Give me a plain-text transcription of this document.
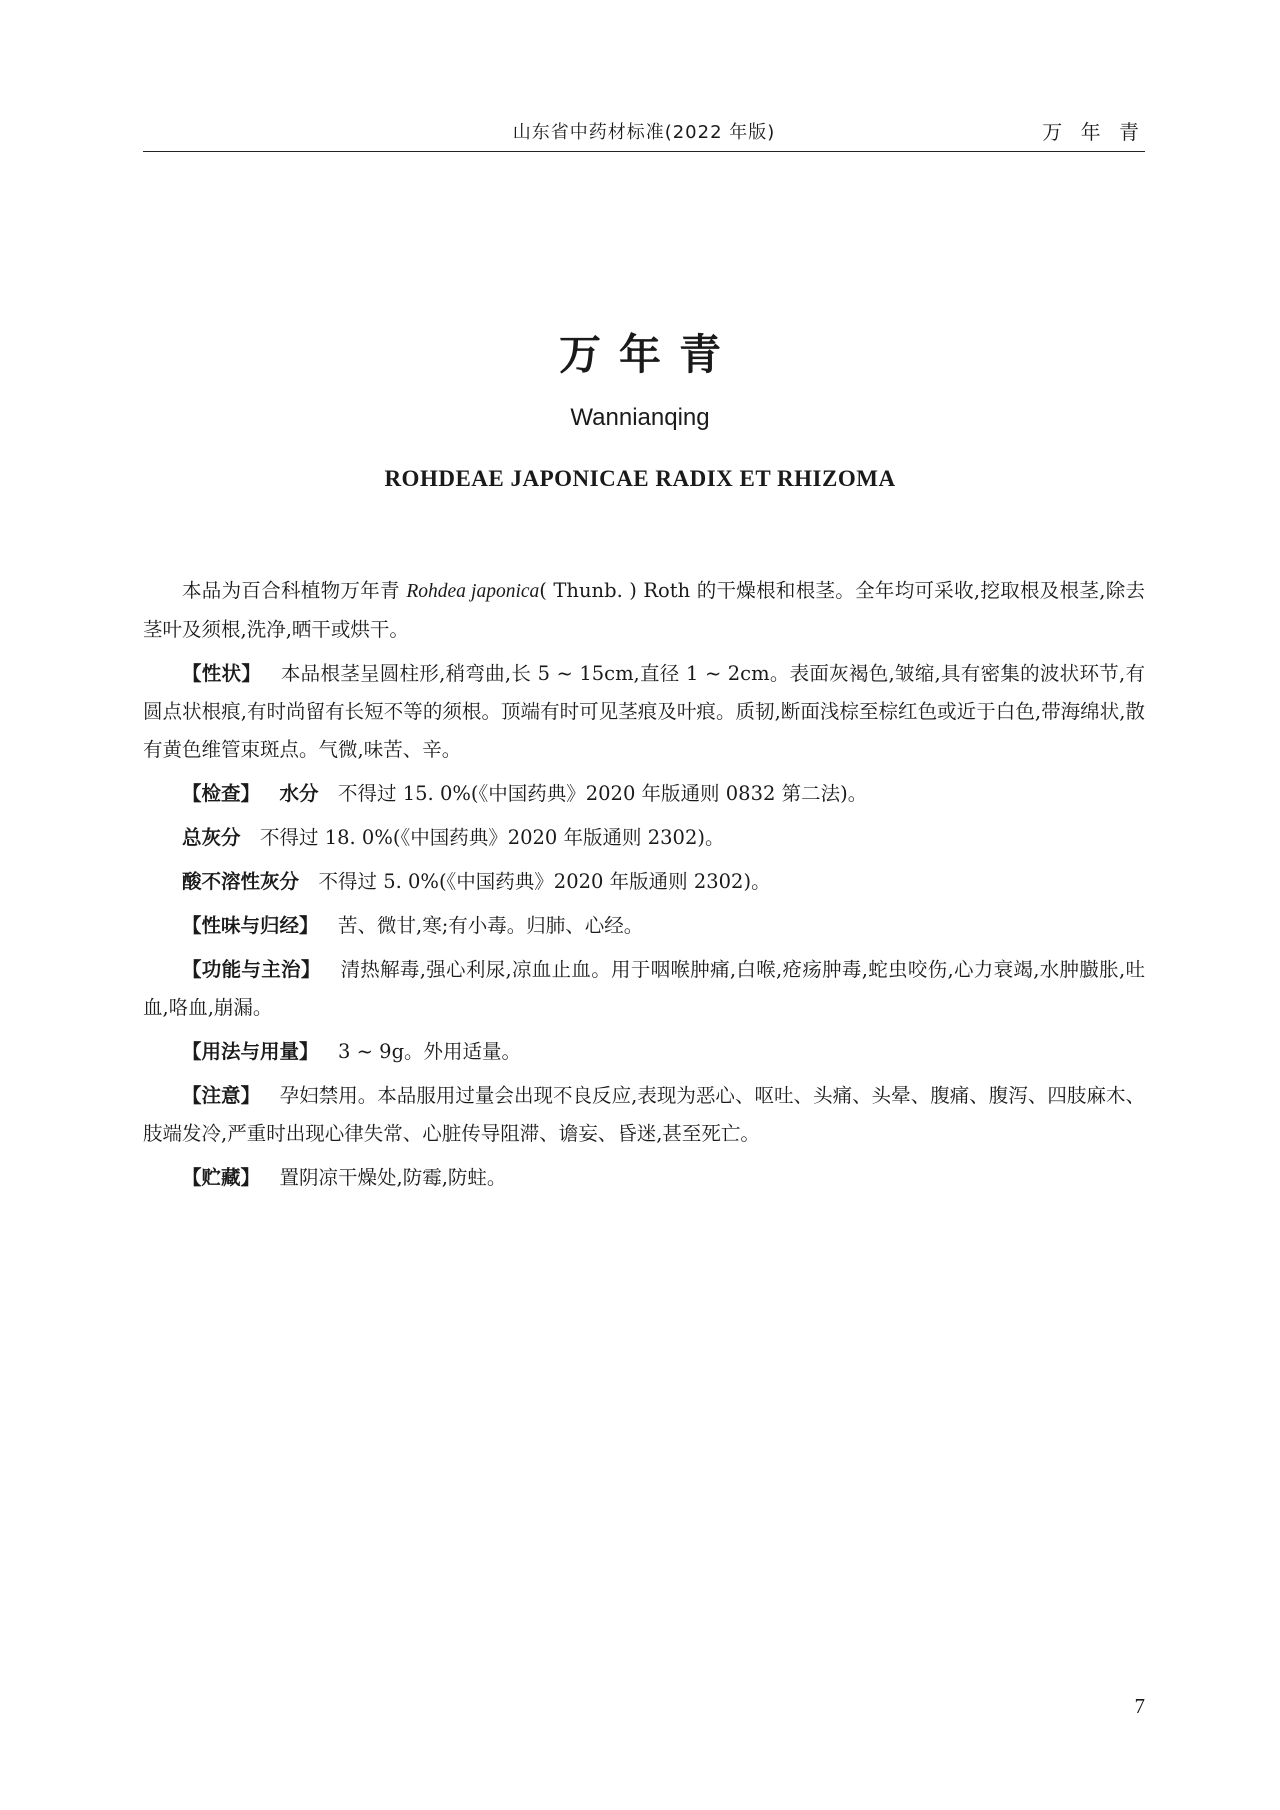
山东省中药材标准(2022 年版)	万 年 青
万年青
Wannianqing
ROHDEAE JAPONICAE RADIX ET RHIZOMA

本品为百合科植物万年青 Rohdea japonica( Thunb. ) Roth 的干燥根和根茎。全年均可采收,挖取根及根茎,除去茎叶及须根,洗净,晒干或烘干。

【性状】 本品根茎呈圆柱形,稍弯曲,长 5 ~ 15cm,直径 1 ~ 2cm。表面灰褐色,皱缩,具有密集的波状环节,有圆点状根痕,有时尚留有长短不等的须根。顶端有时可见茎痕及叶痕。质韧,断面浅棕至棕红色或近于白色,带海绵状,散有黄色维管束斑点。气微,味苦、辛。

【检查】 水分 不得过 15. 0%(《中国药典》2020 年版通则 0832 第二法)。

总灰分 不得过 18. 0%(《中国药典》2020 年版通则 2302)。

酸不溶性灰分 不得过 5. 0%(《中国药典》2020 年版通则 2302)。

【性味与归经】 苦、微甘,寒;有小毒。归肺、心经。

【功能与主治】 清热解毒,强心利尿,凉血止血。用于咽喉肿痛,白喉,疮疡肿毒,蛇虫咬伤,心力衰竭,水肿臌胀,吐血,咯血,崩漏。

【用法与用量】 3 ~ 9g。外用适量。

【注意】 孕妇禁用。本品服用过量会出现不良反应,表现为恶心、呕吐、头痛、头晕、腹痛、腹泻、四肢麻木、肢端发冷,严重时出现心律失常、心脏传导阻滞、谵妄、昏迷,甚至死亡。

【贮藏】 置阴凉干燥处,防霉,防蛀。

7
